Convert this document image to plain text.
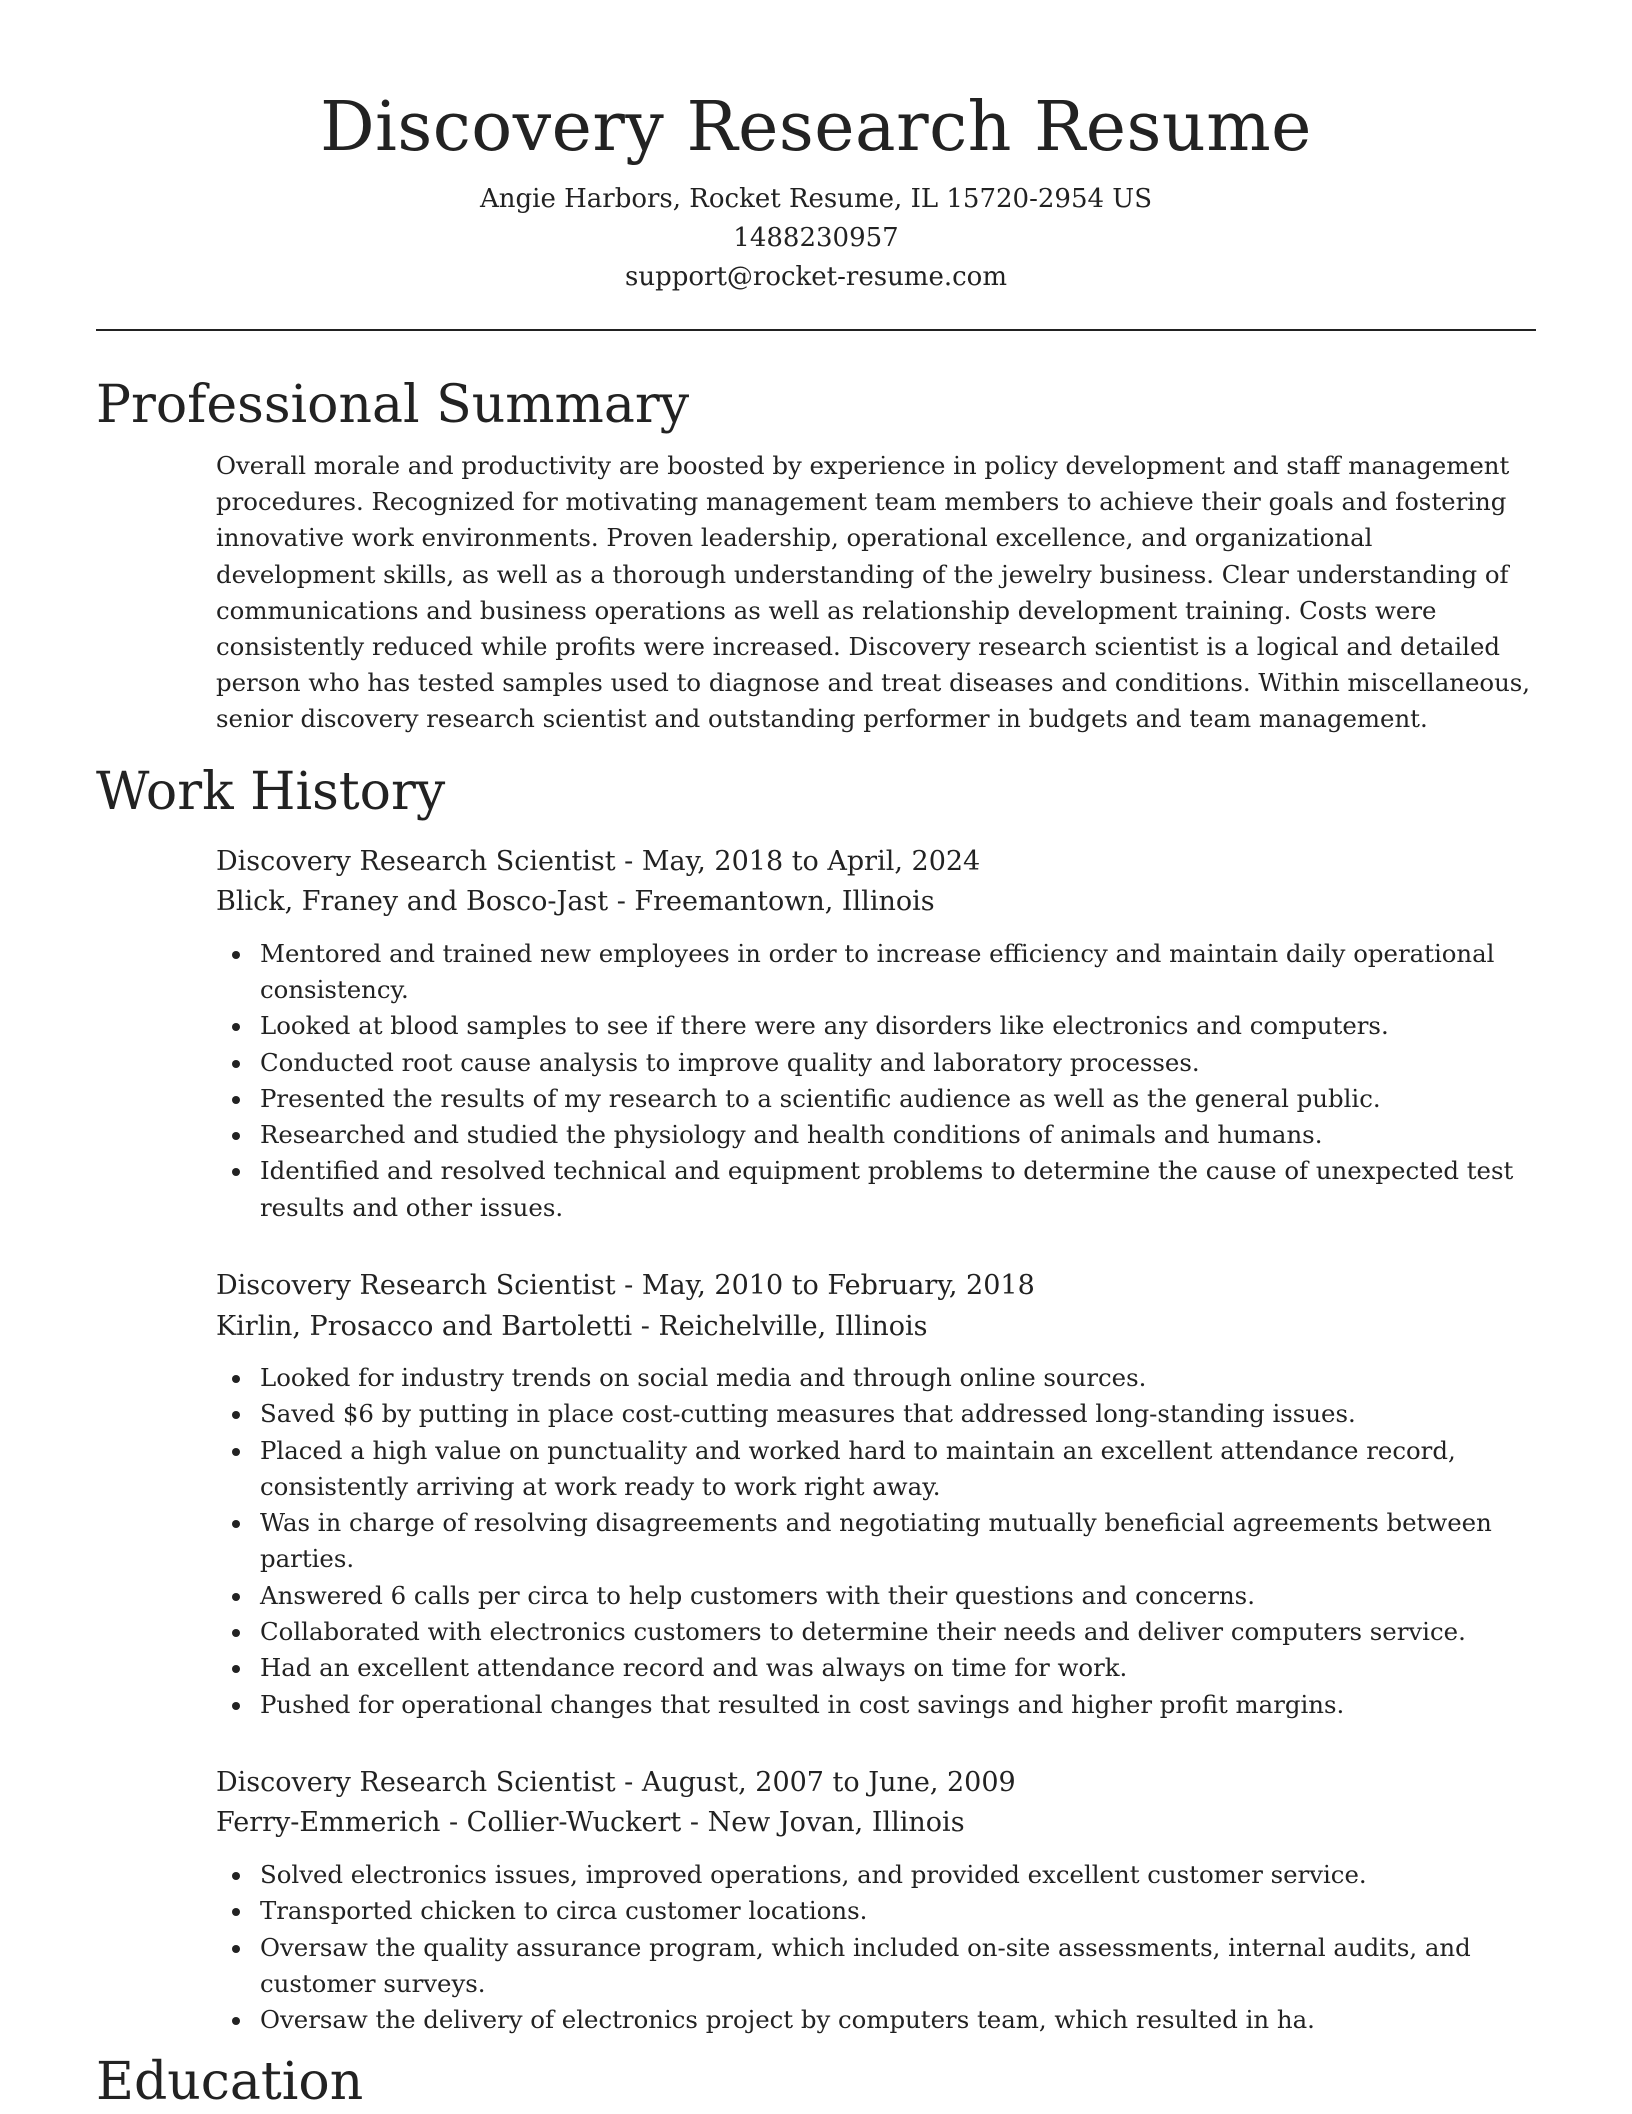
Discovery Research Resume

Angie Harbors, Rocket Resume, IL 15720-2954 US

1488230957

support@rocket-resume.com

Professional Summary

Overall morale and productivity are boosted by experience in policy development and staff management procedures. Recognized for motivating management team members to achieve their goals and fostering innovative work environments. Proven leadership, operational excellence, and organizational development skills, as well as a thorough understanding of the jewelry business. Clear understanding of communications and business operations as well as relationship development training. Costs were consistently reduced while profits were increased. Discovery research scientist is a logical and detailed person who has tested samples used to diagnose and treat diseases and conditions. Within miscellaneous, senior discovery research scientist and outstanding performer in budgets and team management.

Work History

Discovery Research Scientist - May, 2018 to April, 2024

Blick, Franey and Bosco-Jast - Freemantown, Illinois

Mentored and trained new employees in order to increase efficiency and maintain daily operational consistency.
Looked at blood samples to see if there were any disorders like electronics and computers.
Conducted root cause analysis to improve quality and laboratory processes.
Presented the results of my research to a scientific audience as well as the general public.
Researched and studied the physiology and health conditions of animals and humans.
Identified and resolved technical and equipment problems to determine the cause of unexpected test results and other issues.

Discovery Research Scientist - May, 2010 to February, 2018

Kirlin, Prosacco and Bartoletti - Reichelville, Illinois

Looked for industry trends on social media and through online sources.
Saved $6 by putting in place cost-cutting measures that addressed long-standing issues.
Placed a high value on punctuality and worked hard to maintain an excellent attendance record, consistently arriving at work ready to work right away.
Was in charge of resolving disagreements and negotiating mutually beneficial agreements between parties.
Answered 6 calls per circa to help customers with their questions and concerns.
Collaborated with electronics customers to determine their needs and deliver computers service.
Had an excellent attendance record and was always on time for work.
Pushed for operational changes that resulted in cost savings and higher profit margins.

Discovery Research Scientist - August, 2007 to June, 2009

Ferry-Emmerich - Collier-Wuckert - New Jovan, Illinois

Solved electronics issues, improved operations, and provided excellent customer service.
Transported chicken to circa customer locations.
Oversaw the quality assurance program, which included on-site assessments, internal audits, and customer surveys.
Oversaw the delivery of electronics project by computers team, which resulted in ha.
Education
